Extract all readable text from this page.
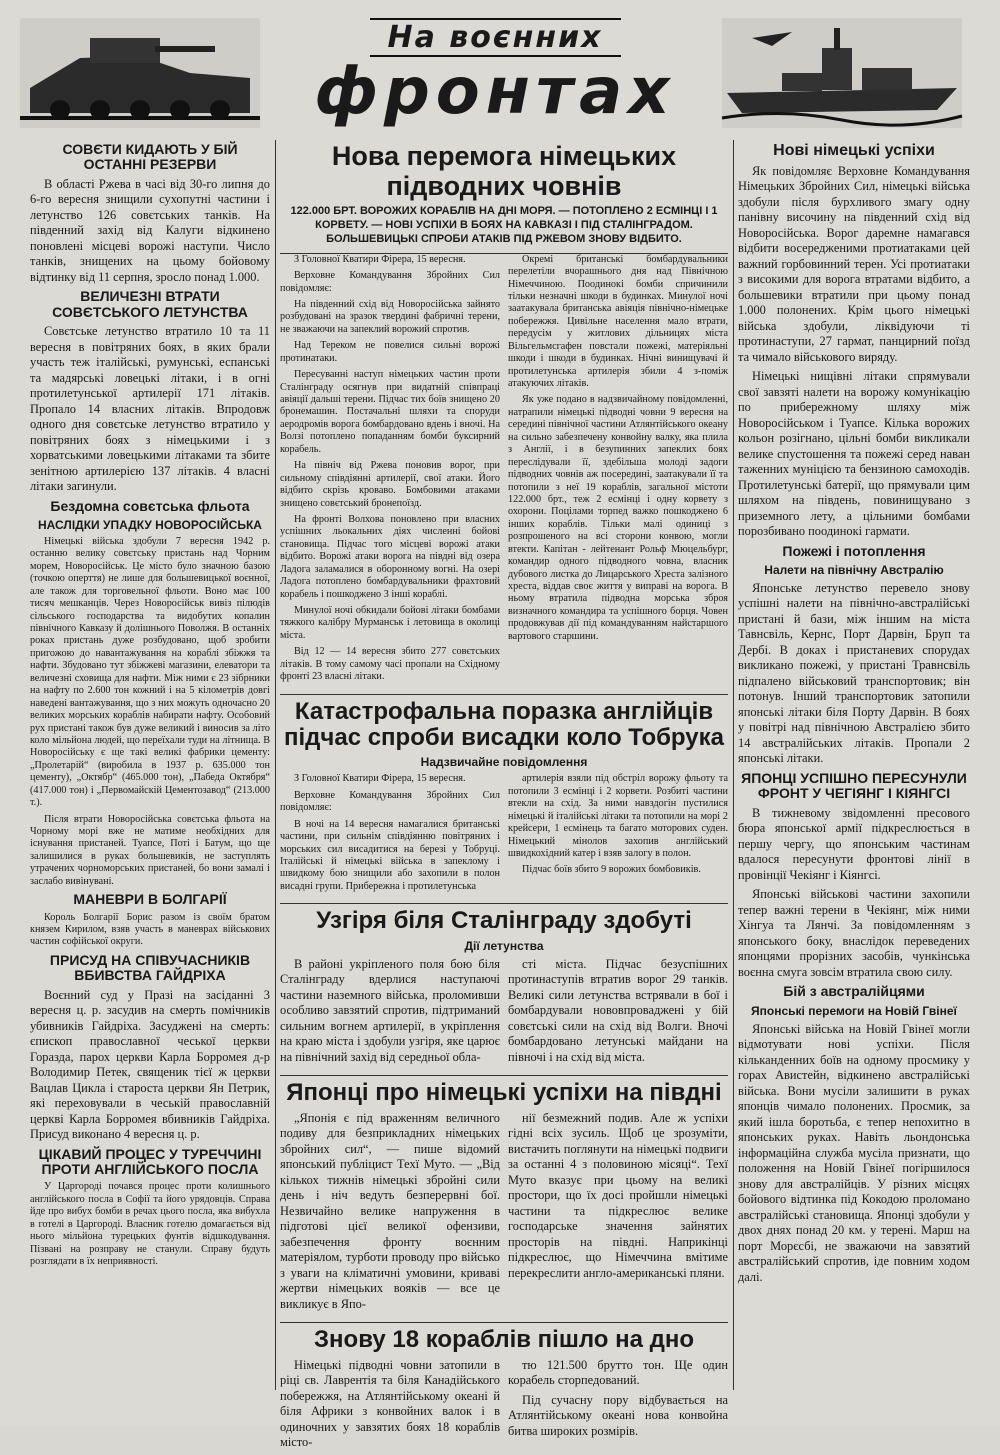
На воєнних
фронтах
СОВЄТИ КИДАЮТЬ У БІЙ ОСТАННІ РЕЗЕРВИ

В області Ржева в часі від 30-го липня до 6-го вересня знищили сухопутні частини і летунство 126 совєтських танків. На південний захід від Калуги відкинено поновлені місцеві ворожі наступи. Число танків, знищених на цьому бойовому відтинку від 11 серпня, зросло понад 1.000.

ВЕЛИЧЕЗНІ ВТРАТИ СОВЄТСЬКОГО ЛЕТУНСТВА

Совєтське летунство втратило 10 та 11 вересня в повітряних боях, в яких брали участь теж італійські, румунські, еспанські та мадярські ловецькі літаки, і в огні протилетунської артилерії 171 літаків. Пропало 14 власних літаків. Впродовж одного дня совєтське летунство втратило у повітряних боях з німецькими і з хорватськими ловецькими літаками та збите зенітною артилерією 137 літаків. 4 власні літаки загинули.

Бездомна совєтська фльота
НАСЛІДКИ УПАДКУ НОВОРОСІЙСЬКА

Німецькі війська здобули 7 вересня 1942 р. останню велику совєтську пристань над Чорним морем, Новоросійськ. Це місто було значною базою (точкою оперття) не лише для большевицької воєнної, але також для торговельної фльоти. Воно має 100 тисяч мешканців. Через Новоросійськ вивіз пілюдів сільського господарства та видобутих копалин північного Кавказу й долішнього Поволжя. В останніх роках пристань дуже розбудовано, щоб зробити пригожою до навантажування на кораблі збіжжя та нафти. Збудовано тут збіжжеві магазини, елеватори та величезні сховища для нафти. Між ними є 23 зібрники на нафту по 2.600 тон кожний і на 5 кілометрів довгі наведені вантажування, що з них можуть одночасно 20 великих морських кораблів набирати нафту. Особовий рух пристані також був дуже великий і виносив за літо коло мільйона людей, що переїхали туди на літнища. В Новоросійську є ще такі великі фабрики цементу: „Пролетарій“ (виробила в 1937 р. 635.000 тон цементу), „Октябр“ (465.000 тон), „Пабеда Октября“ (417.000 тон) і „Первомайскій Цементозавод“ (213.000 т.).

Після втрати Новоросійська совєтська фльота на Чорному морі вже не матиме необхідних для існування пристаней. Туапсе, Поті і Батум, що ще залишилися в руках большевиків, не заступлять утрачених чорноморських пристаней, бо вони замалі і заслабо вивінувані.

МАНЕВРИ В БОЛГАРІЇ

Король Болгарії Борис разом із своїм братом князем Кирилом, взяв участь в маневрах військових частин софійської округи.

ПРИСУД НА СПІВУЧАСНИКІВ ВБИВСТВА ГАЙДРІХА

Воєнний суд у Празі на засіданні 3 вересня ц. р. засудив на смерть помічників убивників Гайдріха. Засуджені на смерть: єпископ православної чеської церкви Горазда, парох церкви Карла Борромея д-р Володимир Петек, священик тієї ж церкви Вацлав Цикла і староста церкви Ян Петрик, які переховували в чеській православній церкві Карла Борромея вбивників Гайдріха. Присуд виконано 4 вересня ц. р.

ЦІКАВИЙ ПРОЦЕС У ТУРЕЧЧИНІ ПРОТИ АНГЛІЙСЬКОГО ПОСЛА

У Царгороді почався процес проти колишнього англійського посла в Софії та його урядовців. Справа йде про вибух бомби в речах цього посла, яка вибухла в готелі в Царгороді. Власник готелю домагається від нього мільйона турецьких фунтів відшкодування. Пізвані на розправу не станули. Справу будуть розглядати в їх неприявності.

Нова перемога німецьких підводних човнів
122.000 БРТ. ВОРОЖИХ КОРАБЛІВ НА ДНІ МОРЯ. — ПОТОПЛЕНО 2 ЕСМІНЦІ І 1 КОРВЕТУ. — НОВІ УСПІХИ В БОЯХ НА КАВКАЗІ І ПІД СТАЛІНГРАДОМ. БОЛЬШЕВИЦЬКІ СПРОБИ АТАКІВ ПІД РЖЕВОМ ЗНОВУ ВІДБИТО.

З Головної Кватири Фірера, 15 вересня.

Верховне Командування Збройних Сил повідомляє:

На південний схід від Новоросійська зайнято розбудовані на зразок твердині фабричні терени, не зважаючи на запеклий ворожий спротив.

Над Тереком не повелися сильні ворожі протинатаки.

Пересуванні наступ німецьких частин проти Сталінграду осягнув при видатній співпраці авіяції дальші терени. Підчас тих боїв знищено 20 бронемашин. Постачальні шляхи та споруди аеродромів ворога бомбардовано вдень і вночі. На Волзі потоплено попаданням бомби буксирний корабель.

На північ від Ржева поновив ворог, при сильному співдіянні артилерії, свої атаки. Його відбито скрізь кроваво. Бомбовими атаками знищено совєтський бронепоїзд.

На фронті Волхова поновлено при власних успішних льокальних діях численні бойові становища. Підчас того місцеві ворожі атаки відбито. Ворожі атаки ворога на півдні від озера Ладога заламалися в оборонному вогні. На озері Ладога потоплено бомбардувальники фрахтовий корабель і пошкоджено 3 інші кораблі.

Минулої ночі обкидали бойові літаки бомбами тяжкого калібру Мурманськ і летовища в околиці міста.

Від 12 — 14 вересня збито 277 совєтських літаків. В тому самому часі пропали на Східному фронті 23 власні літаки.

Окремі британські бомбардувальники перелетіли вчорашнього дня над Північною Німеччиною. Поодинокі бомби спричинили тільки незначні шкоди в будинках. Минулої ночі заатакувала британська авіяція північно-німецьке побережжя. Цивільне населення мало втрати, передусім у житлових дільницях міста Вільгельмсгафен повстали пожежі, матеріяльні шкоди і шкоди в будинках. Нічні винищувачі й протилетунська артилерія збили 4 з-поміж атакуючих літаків.

Як уже подано в надзвичайному повідомленні, натрапили німецькі підводні човни 9 вересня на середині північної частини Атлянтійського океану на сильно забезпечену конвойну валку, яка плила з Англії, і в безупинних запеклих боях переслідували її, здебільша молоді задоги підводних човнів аж посередині, заатакували її та потопили з неї 19 кораблів, загальної містоти 122.000 брт., теж 2 есмінці і одну корвету з охорони. Поцілами торпед важко пошкоджено 6 інших кораблів. Тільки малі одиниці з розпрошеного на всі сторони конвою, могли втекти. Капітан - лейтенант Рольф Мюцельбург, командир одного підводного човна, власник дубового листка до Лицарського Хреста залізного хреста, віддав своє життя у виправі на ворога. В ньому втратила підводна морська зброя визначного командира та успішного борця. Човен продовжував дії під командуванням найстаршого вартового старшини.

Катастрофальна поразка англійців підчас спроби висадки коло Тобрука
Надзвичайне повідомлення

З Головної Кватири Фірера, 15 вересня.

Верховне Командування Збройних Сил повідомляє:

В ночі на 14 вересня намагалися британські частини, при сильнім співдіянню повітряних і морських сил висадитися на березі у Тобруці. Італійські й німецькі війська в запеклому і швидкому бою знищили або захопили в полон висадні групи. Прибережна і протилетунська

артилерія взяли під обстріл ворожу фльоту та потопили 3 есмінці і 2 корвети. Розбиті частини втекли на схід. За ними навздогін пустилися німецькі й італійські літаки та потопили на морі 2 крейсери, 1 есмінець та багато моторових суден. Німецький мінолов захопив англійський швидкохідний катер і взяв залогу в полон.

Підчас боїв збито 9 ворожих бомбовиків.

Узгіря біля Сталінграду здобуті
Дії летунства

В районі укріпленого поля бою біля Сталінграду вдерлися наступаючі частини наземного війська, проломивши особливо завзятий спротив, підтриманий сильним вогнем артилерії, в укріплення на краю міста і здобули узгіря, яке царює на північний захід від середньої обла-

сті міста. Підчас безуспішних протинаступів втратив ворог 29 танків. Великі сили летунства встрявали в бої і бомбардували нововпроваджені у бій совєтські сили на схід від Волги. Вночі бомбардовано летунські майдани на півночі і на схід від міста.

Японці про німецькі успіхи на півдні

„Японія є під враженням величного подиву для безприкладних німецьких збройних сил“, — пише відомий японський публіцист Техї Муто. — „Від кількох тижнів німецькі збройні сили день і ніч ведуть безперервні бої. Незвичайно велике напруження в підготові цієї великої офензиви, забезпечення фронту воєнним матеріялом, турботи проводу про військо з уваги на кліматичні умовини, криваві жертви німецьких вояків — все це викликує в Япо-

нії безмежний подив. Але ж успіхи гідні всіх зусиль. Щоб це зрозуміти, вистачить поглянути на німецькі подвиги за останні 4 з половиною місяці“. Техї Муто вказує при цьому на великі простори, що їх досі пройшли німецькі частини та підкреслює велике господарське значення зайнятих просторів на півдні. Наприкінці підкреслює, що Німеччина вмітиме перекреслити англо-американські пляни.

Знову 18 кораблів пішло на дно

Німецькі підводні човни затопили в ріці св. Лаврентія та біля Канадійського побережжя, на Атлянтійському океані й біля Африки з конвойних валок і в одиночних у завзятих боях 18 кораблів місто-

тю 121.500 брутто тон. Ще один корабель сторпедований.

Під сучасну пору відбувається на Атлянтійському океані нова конвойна битва широких розмірів.

Нові німецькі успіхи

Як повідомляє Верховне Командування Німецьких Збройних Сил, німецькі війська здобули після бурхливого змагу одну панівну височину на південний схід від Новоросійська. Ворог даремне намагався відбити восередженими протиатаками цей важний горбовинний терен. Усі протиатаки з високими для ворога втратами відбито, а большевики втратили при цьому понад 1.000 полонених. Крім цього німецькі війська здобули, ліквідуючи ті протинаступи, 27 гармат, панцирний поїзд та чимало військового виряду.

Німецькі нищівні літаки спрямували свої завзяті налети на ворожу комунікацію по прибережному шляху між Новоросійськом і Туапсе. Кілька ворожих кольон розігнано, цільні бомби викликали велике спустошення та пожежі серед наван таженних муніцією та бензиною самоходів. Протилетунські батерії, що прямували цим шляхом на південь, повинищувано з приземного лету, а цільними бомбами порозбивано поодинокі гармати.

Пожежі і потоплення
Налети на північну Австралію

Японське летунство перевело знову успішні налети на північно-австралійські пристані й бази, між іншим на міста Тавнсвіль, Кернс, Порт Дарвін, Бруп та Дербі. В доках і пристаневих спорудах викликано пожежі, у пристані Травнсвіль підпалено військовий транспортовик; він потонув. Інший транспортовик затопили японські літаки біля Порту Дарвін. В боях у повітрі над північною Австралією збито 14 австралійських літаків. Пропали 2 японські літаки.

ЯПОНЦІ УСПІШНО ПЕРЕСУНУЛИ ФРОНТ У ЧЕГІЯНГ І КІЯНГСІ

В тижневому звідомленні пресового бюра японської армії підкреслюється в першу чергу, що японським частинам вдалося пересунути фронтові лінії в провінції Чекіянг і Кіянгсі.

Японські військові частини захопили тепер важні терени в Чекіянг, між ними Хінгуа та Лянчі. За повідомленням з японського боку, внаслідок переведених японцями прорізних засобів, чункінська воєнна смуга зовсім втратила свою силу.

Бій з австралійцями
Японські перемоги на Новій Гвінеї

Японські війська на Новій Гвінеї могли відмотувати нові успіхи. Після кільканденних боїв на одному просмику у горах Авистейн, відкинено австралійські війська. Вони мусіли залишити в руках японців чимало полонених. Просмик, за який ішла боротьба, є тепер непохитно в японських руках. Навіть льондонська інформаційна служба мусіла признати, що положення на Новій Гвінеї погіршилося знову для австралійців. У різних місцях бойового відтинка під Кокодою проломано австралійські становища. Японці здобули у двох днях понад 20 км. у терені. Марш на порт Морєсбі, не зважаючи на завзятий австралійський спротив, іде повним ходом далі.
